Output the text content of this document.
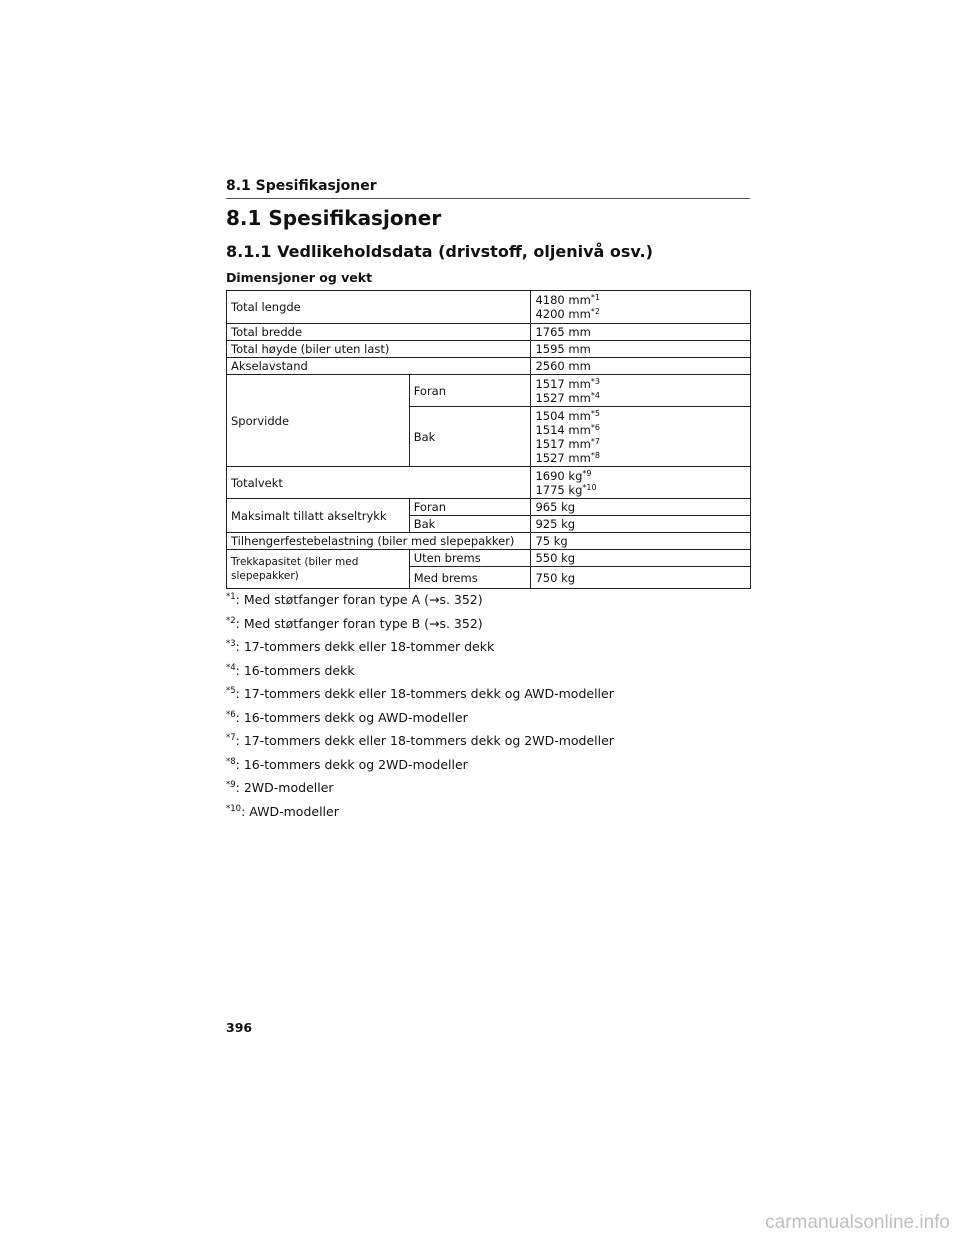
8.1 Spesifikasjoner
8.1 Spesifikasjoner
8.1.1 Vedlikeholdsdata (drivstoff, oljenivå osv.)
Dimensjoner og vekt
Total lengde		4180 $mm^{*1}$
4200 $mm^{*2}$

Total bredde		1765 mm
Total høyde (biler uten last)		1595 mm
Akselavstand		2560 mm
Sporvidde	Foran	1517 $mm^{*3}$
1527 $mm^{*4}$

	Bak	1504 $mm^{*5}$
1514 $mm^{*6}$
1517 $mm^{*7}$
1527 $mm^{*8}$

Totalvekt		1690 $kg^{*9}$
1775 $kg^{*10}$

Maksimalt tillatt akseltrykk	Foran	965 kg
	Bak	925 kg
Tilhengerfestebelastning (biler med slepepakker)		75 kg
Trekkapasitet (biler med slepepakker)	Uten brems	550 kg
	Med brems	750 kg
$^{*1}$: Med støtfanger foran type A (→s. 352)
$^{*2}$: Med støtfanger foran type B (→s. 352)
$^{*3}$: 17-tommers dekk eller 18-tommer dekk
$^{*4}$: 16-tommers dekk
$^{*5}$: 17-tommers dekk eller 18-tommers dekk og AWD-modeller
$^{*6}$: 16-tommers dekk og AWD-modeller
$^{*7}$: 17-tommers dekk eller 18-tommers dekk og 2WD-modeller
$^{*8}$: 16-tommers dekk og 2WD-modeller
$^{*9}$: 2WD-modeller
$^{*10}$: AWD-modeller
396
carmanualsonline.info
